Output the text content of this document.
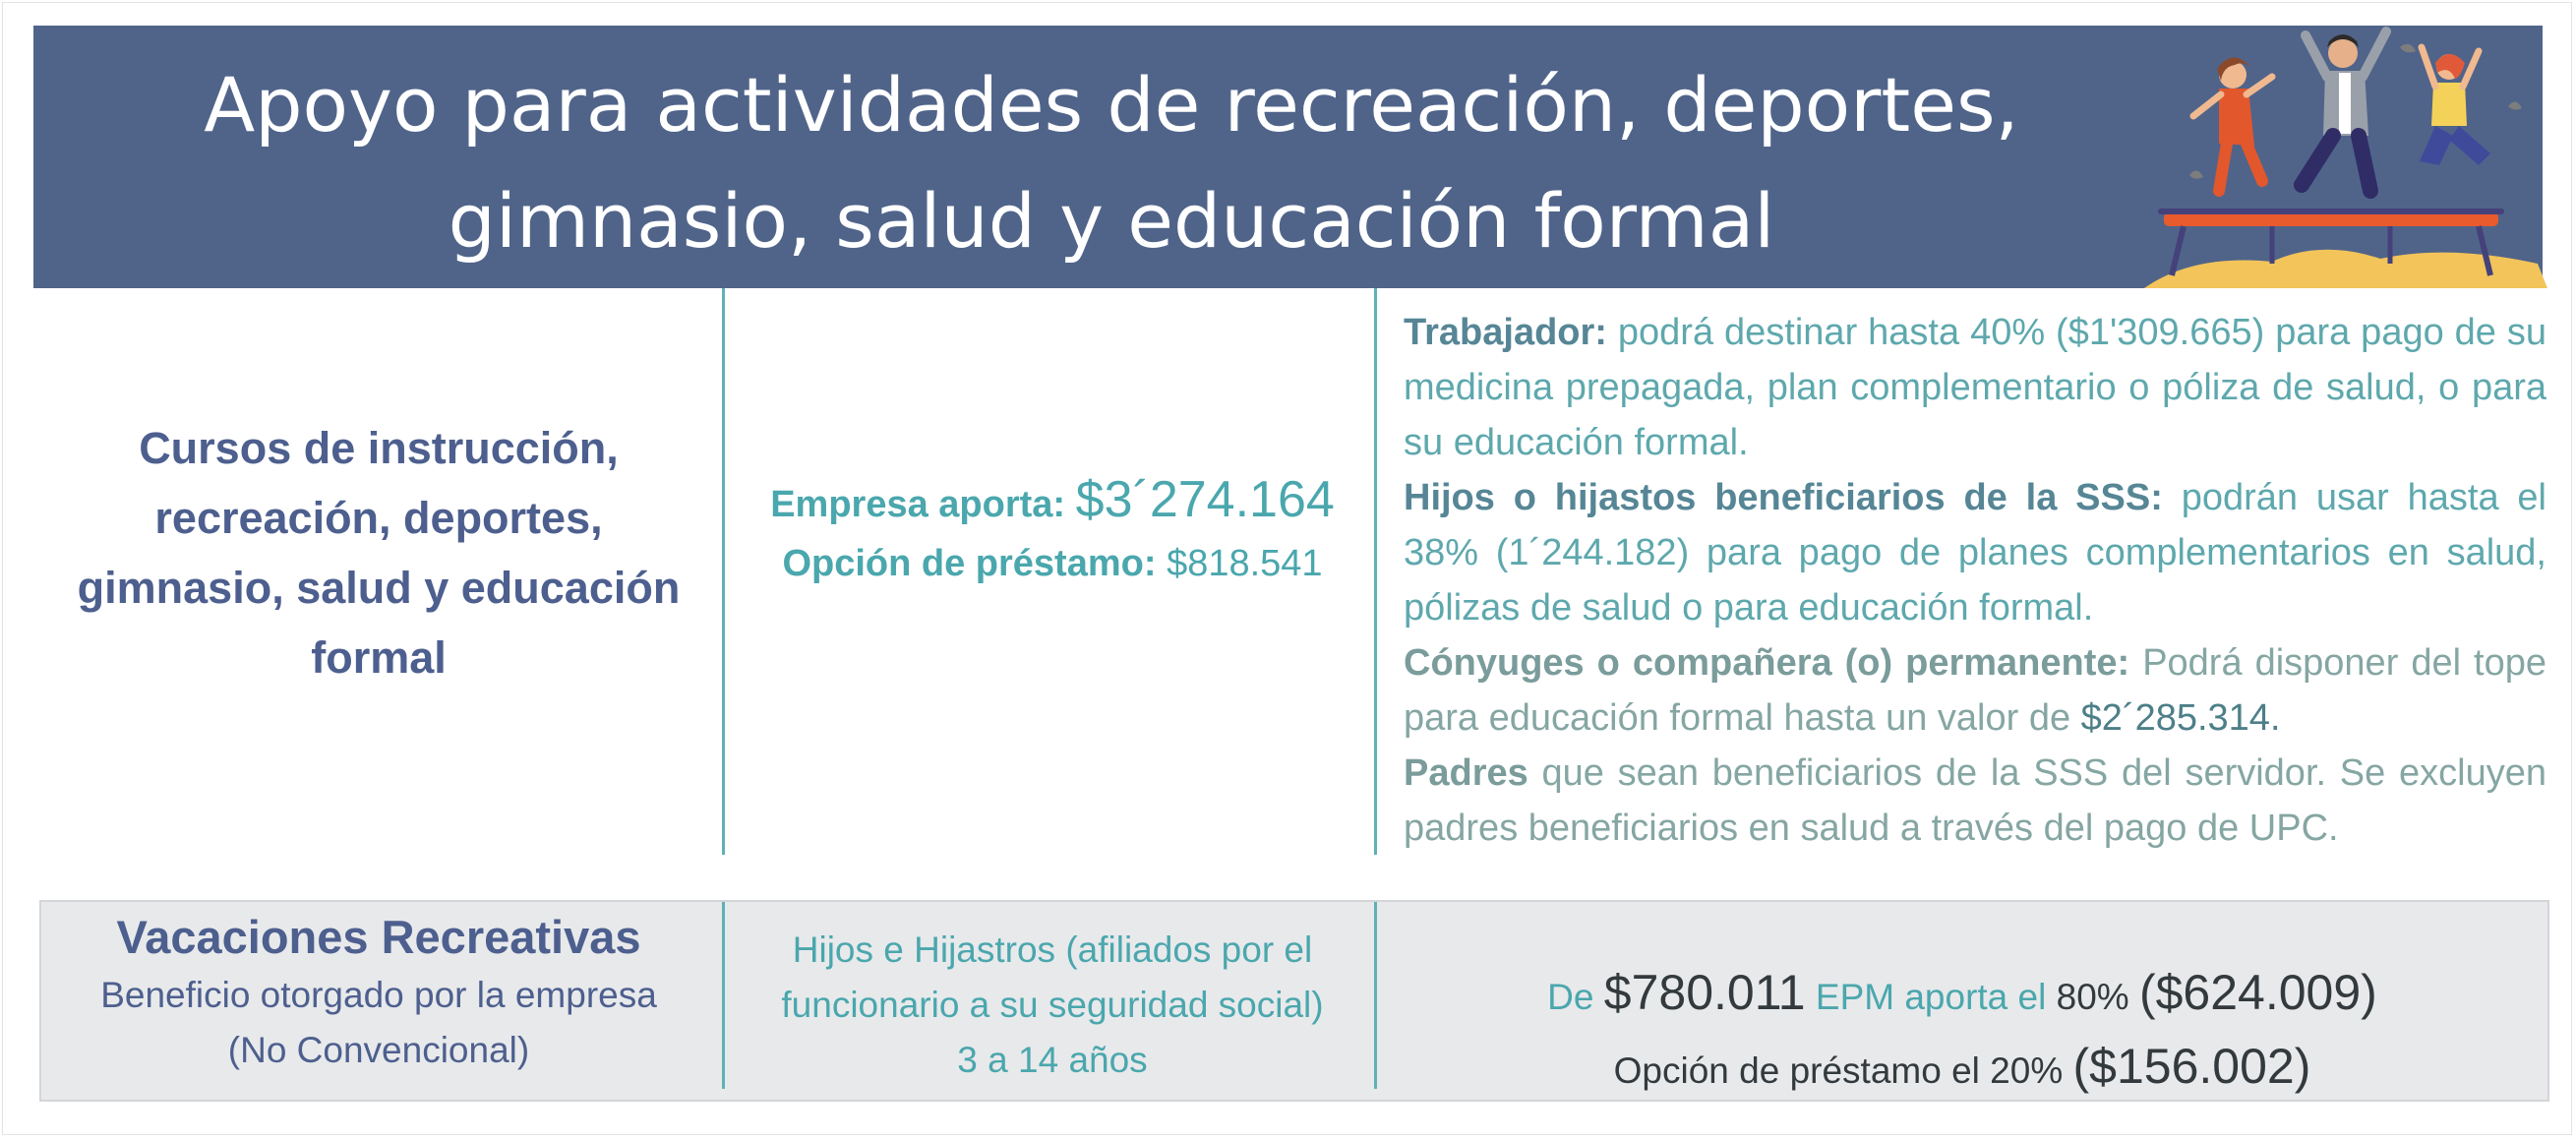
Apoyo para actividades de recreación, deportes,
gimnasio, salud y educación formal
Cursos de instrucción,
recreación, deportes,
gimnasio, salud y educación
formal
Empresa aporta: $3´274.164
Opción de préstamo: $818.541

Trabajador: podrá destinar hasta 40% ($1'309.665) para pago de su medicina prepagada, plan complementario o póliza de salud, o para su educación formal.

Hijos o hijastos beneficiarios de la SSS: podrán usar hasta el 38% (1´244.182) para pago de planes complementarios en salud, pólizas de salud o para educación formal.

Cónyuges o compañera (o) permanente: Podrá disponer del tope para educación formal hasta un valor de $2´285.314.

Padres que sean beneficiarios de la SSS del servidor. Se excluyen padres beneficiarios en salud a través del pago de UPC.

Vacaciones Recreativas
Beneficio otorgado por la empresa
(No Convencional)
Hijos e Hijastros (afiliados por el
funcionario a su seguridad social)
3 a 14 años
De $780.011 EPM aporta el 80% ($624.009)
Opción de préstamo el 20% ($156.002)
